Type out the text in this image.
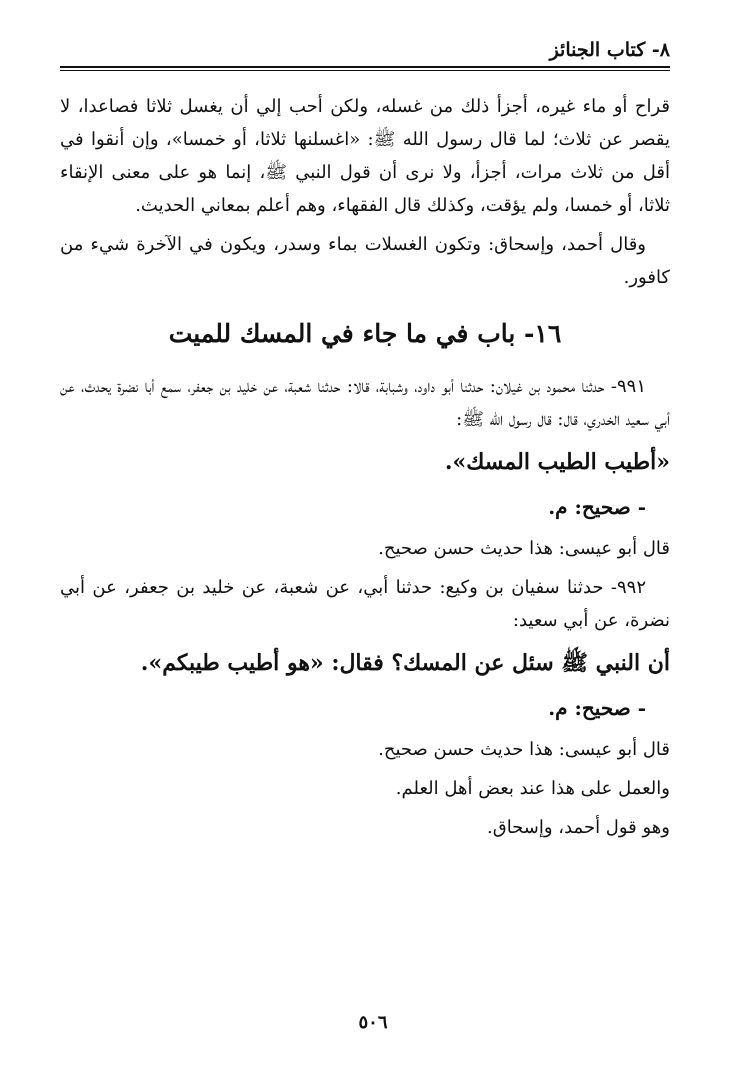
٨- كتاب الجنائز

قراح أو ماء غيره، أجزأ ذلك من غسله، ولكن أحب إلي أن يغسل ثلاثا فصاعدا، لا يقصر عن ثلاث؛ لما قال رسول الله ﷺ: «اغسلنها ثلاثا، أو خمسا»، وإن أنقوا في أقل من ثلاث مرات، أجزأ، ولا نرى أن قول النبي ﷺ، إنما هو على معنى الإنقاء ثلاثا، أو خمسا، ولم يؤقت، وكذلك قال الفقهاء، وهم أعلم بمعاني الحديث.

وقال أحمد، وإسحاق: وتكون الغسلات بماء وسدر، ويكون في الآخرة شيء من كافور.

١٦- باب في ما جاء في المسك للميت

٩٩١- حدثنا محمود بن غيلان: حدثنا أبو داود، وشبابة، قالا: حدثنا شعبة، عن خليد بن جعفر، سمع أبا نضرة يحدث، عن أبي سعيد الخدري، قال: قال رسول الله ﷺ:

«أطيب الطيب المسك».

- صحيح: م.

قال أبو عيسى: هذا حديث حسن صحيح.

٩٩٢- حدثنا سفيان بن وكيع: حدثنا أبي، عن شعبة، عن خليد بن جعفر، عن أبي نضرة، عن أبي سعيد:

أن النبي ﷺ سئل عن المسك؟ فقال: «هو أطيب طيبكم».

- صحيح: م.

قال أبو عيسى: هذا حديث حسن صحيح.

والعمل على هذا عند بعض أهل العلم.

وهو قول أحمد، وإسحاق.

٥٠٦
